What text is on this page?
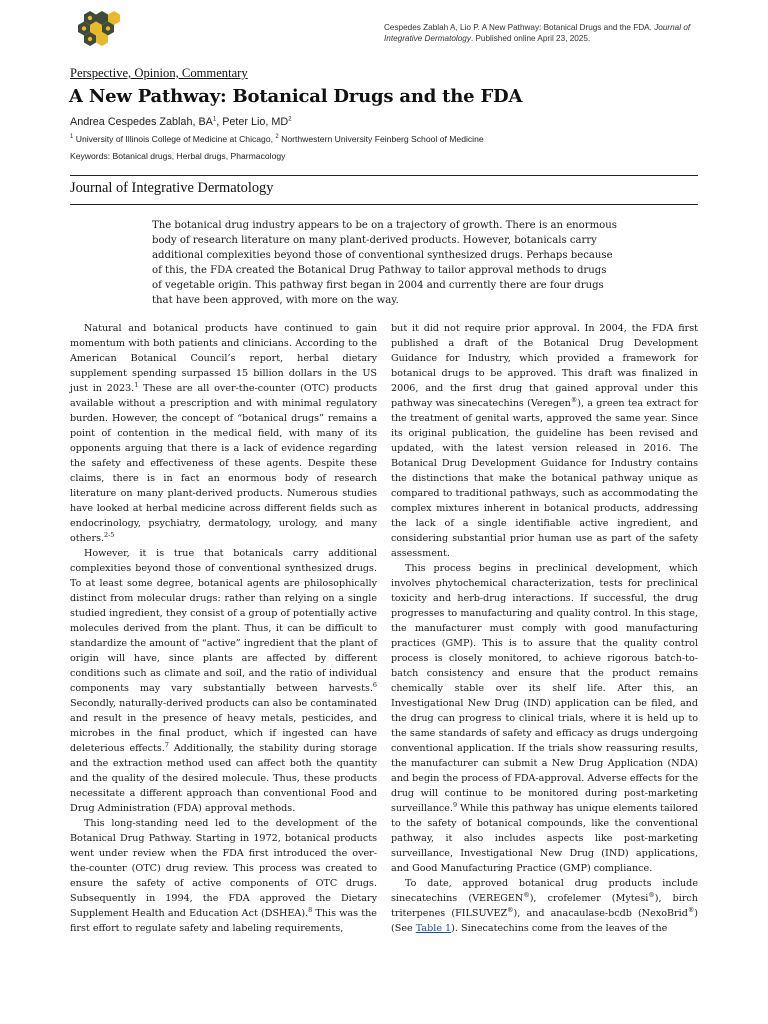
Cespedes Zablah A, Lio P. A New Pathway: Botanical Drugs and the FDA. Journal of Integrative Dermatology. Published online April 23, 2025.
Perspective, Opinion, Commentary
A New Pathway: Botanical Drugs and the FDA
Andrea Cespedes Zablah, $BA^1$, Peter Lio, $MD^2$
$^1$ University of Illinois College of Medicine at Chicago, $^2$ Northwestern University Feinberg School of Medicine
Keywords: Botanical drugs, Herbal drugs, Pharmacology
Journal of Integrative Dermatology

The botanical drug industry appears to be on a trajectory of growth. There is an enormous body of research literature on many plant-derived products. However, botanicals carry additional complexities beyond those of conventional synthesized drugs. Perhaps because of this, the FDA created the Botanical Drug Pathway to tailor approval methods to drugs of vegetable origin. This pathway first began in 2004 and currently there are four drugs that have been approved, with more on the way.

Natural and botanical products have continued to gain momentum with both patients and clinicians. According to the American Botanical Council’s report, herbal dietary supplement spending surpassed 15 billion dollars in the US just in 2023.$^1$ These are all over-the-counter (OTC) products available without a prescription and with minimal regulatory burden. However, the concept of “botanical drugs” remains a point of contention in the medical field, with many of its opponents arguing that there is a lack of evidence regarding the safety and effectiveness of these agents. Despite these claims, there is in fact an enormous body of research literature on many plant-derived products. Numerous studies have looked at herbal medicine across different fields such as endocrinology, psychiatry, dermatology, urology, and many others.$^{2-5}$

However, it is true that botanicals carry additional complexities beyond those of conventional synthesized drugs. To at least some degree, botanical agents are philosophically distinct from molecular drugs: rather than relying on a single studied ingredient, they consist of a group of potentially active molecules derived from the plant. Thus, it can be difficult to standardize the amount of “active” ingredient that the plant of origin will have, since plants are affected by different conditions such as climate and soil, and the ratio of individual components may vary substantially between harvests.$^6$ Secondly, naturally-derived products can also be contaminated and result in the presence of heavy metals, pesticides, and microbes in the final product, which if ingested can have deleterious effects.$^7$ Additionally, the stability during storage and the extraction method used can affect both the quantity and the quality of the desired molecule. Thus, these products necessitate a different approach than conventional Food and Drug Administration (FDA) approval methods.

This long-standing need led to the development of the Botanical Drug Pathway. Starting in 1972, botanical products went under review when the FDA first introduced the over-the-counter (OTC) drug review. This process was created to ensure the safety of active components of OTC drugs. Subsequently in 1994, the FDA approved the Dietary Supplement Health and Education Act (DSHEA).$^8$ This was the first effort to regulate safety and labeling requirements,

but it did not require prior approval. In 2004, the FDA first published a draft of the Botanical Drug Development Guidance for Industry, which provided a framework for botanical drugs to be approved. This draft was finalized in 2006, and the first drug that gained approval under this pathway was sinecatechins (Veregen®), a green tea extract for the treatment of genital warts, approved the same year. Since its original publication, the guideline has been revised and updated, with the latest version released in 2016. The Botanical Drug Development Guidance for Industry contains the distinctions that make the botanical pathway unique as compared to traditional pathways, such as accommodating the complex mixtures inherent in botanical products, addressing the lack of a single identifiable active ingredient, and considering substantial prior human use as part of the safety assessment.

This process begins in preclinical development, which involves phytochemical characterization, tests for preclinical toxicity and herb-drug interactions. If successful, the drug progresses to manufacturing and quality control. In this stage, the manufacturer must comply with good manufacturing practices (GMP). This is to assure that the quality control process is closely monitored, to achieve rigorous batch-to-batch consistency and ensure that the product remains chemically stable over its shelf life. After this, an Investigational New Drug (IND) application can be filed, and the drug can progress to clinical trials, where it is held up to the same standards of safety and efficacy as drugs undergoing conventional application. If the trials show reassuring results, the manufacturer can submit a New Drug Application (NDA) and begin the process of FDA-approval. Adverse effects for the drug will continue to be monitored during post-marketing surveillance.$^9$ While this pathway has unique elements tailored to the safety of botanical compounds, like the conventional pathway, it also includes aspects like post-marketing surveillance, Investigational New Drug (IND) applications, and Good Manufacturing Practice (GMP) compliance.

To date, approved botanical drug products include sinecatechins (VEREGEN®), crofelemer (Mytesi®), birch triterpenes (FILSUVEZ®), and anacaulase-bcdb (NexoBrid®) (See Table 1). Sinecatechins come from the leaves of the
